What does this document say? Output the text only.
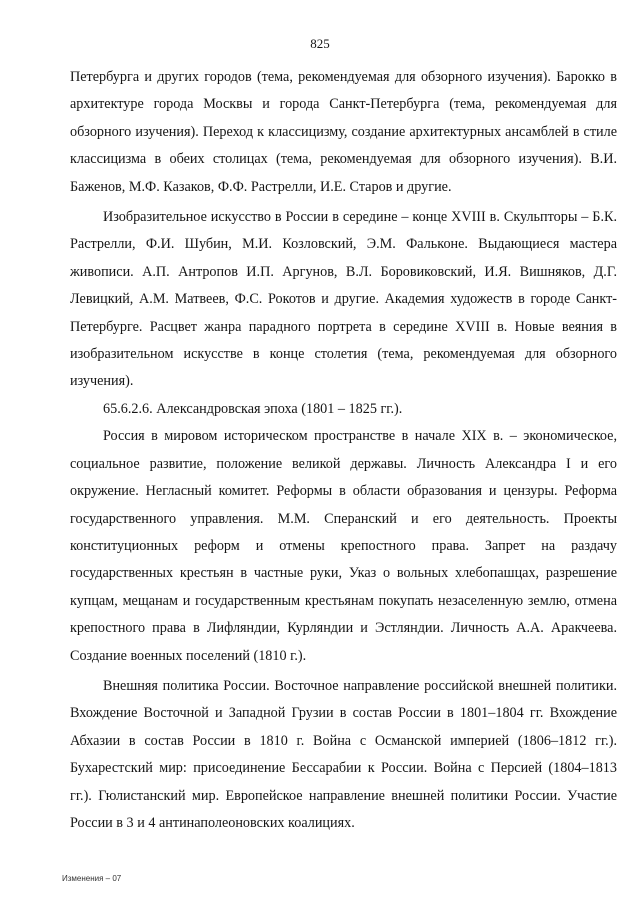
825

Петербурга и других городов (тема, рекомендуемая для обзорного изучения). Барокко в архитектуре города Москвы и города Санкт-Петербурга (тема, рекомендуемая для обзорного изучения). Переход к классицизму, создание архитектурных ансамблей в стиле классицизма в обеих столицах (тема, рекомендуемая для обзорного изучения). В.И. Баженов, М.Ф. Казаков, Ф.Ф. Растрелли, И.Е. Старов и другие.

Изобразительное искусство в России в середине – конце XVIII в. Скульпторы – Б.К. Растрелли, Ф.И. Шубин, М.И. Козловский, Э.М. Фальконе. Выдающиеся мастера живописи. А.П. Антропов И.П. Аргунов, В.Л. Боровиковский, И.Я. Вишняков, Д.Г. Левицкий, А.М. Матвеев, Ф.С. Рокотов и другие. Академия художеств в городе Санкт-Петербурге. Расцвет жанра парадного портрета в середине XVIII в. Новые веяния в изобразительном искусстве в конце столетия (тема, рекомендуемая для обзорного изучения).

65.6.2.6. Александровская эпоха (1801 – 1825 гг.).

Россия в мировом историческом пространстве в начале XIX в. – экономическое, социальное развитие, положение великой державы. Личность Александра I и его окружение. Негласный комитет. Реформы в области образования и цензуры. Реформа государственного управления. М.М. Сперанский и его деятельность. Проекты конституционных реформ и отмены крепостного права. Запрет на раздачу государственных крестьян в частные руки, Указ о вольных хлебопашцах, разрешение купцам, мещанам и государственным крестьянам покупать незаселенную землю, отмена крепостного права в Лифляндии, Курляндии и Эстляндии. Личность А.А. Аракчеева. Создание военных поселений (1810 г.).

Внешняя политика России. Восточное направление российской внешней политики. Вхождение Восточной и Западной Грузии в состав России в 1801–1804 гг. Вхождение Абхазии в состав России в 1810 г. Война с Османской империей (1806–1812 гг.). Бухарестский мир: присоединение Бессарабии к России. Война с Персией (1804–1813 гг.). Гюлистанский мир. Европейское направление внешней политики России. Участие России в 3 и 4 антинаполеоновских коалициях.

Изменения – 07
